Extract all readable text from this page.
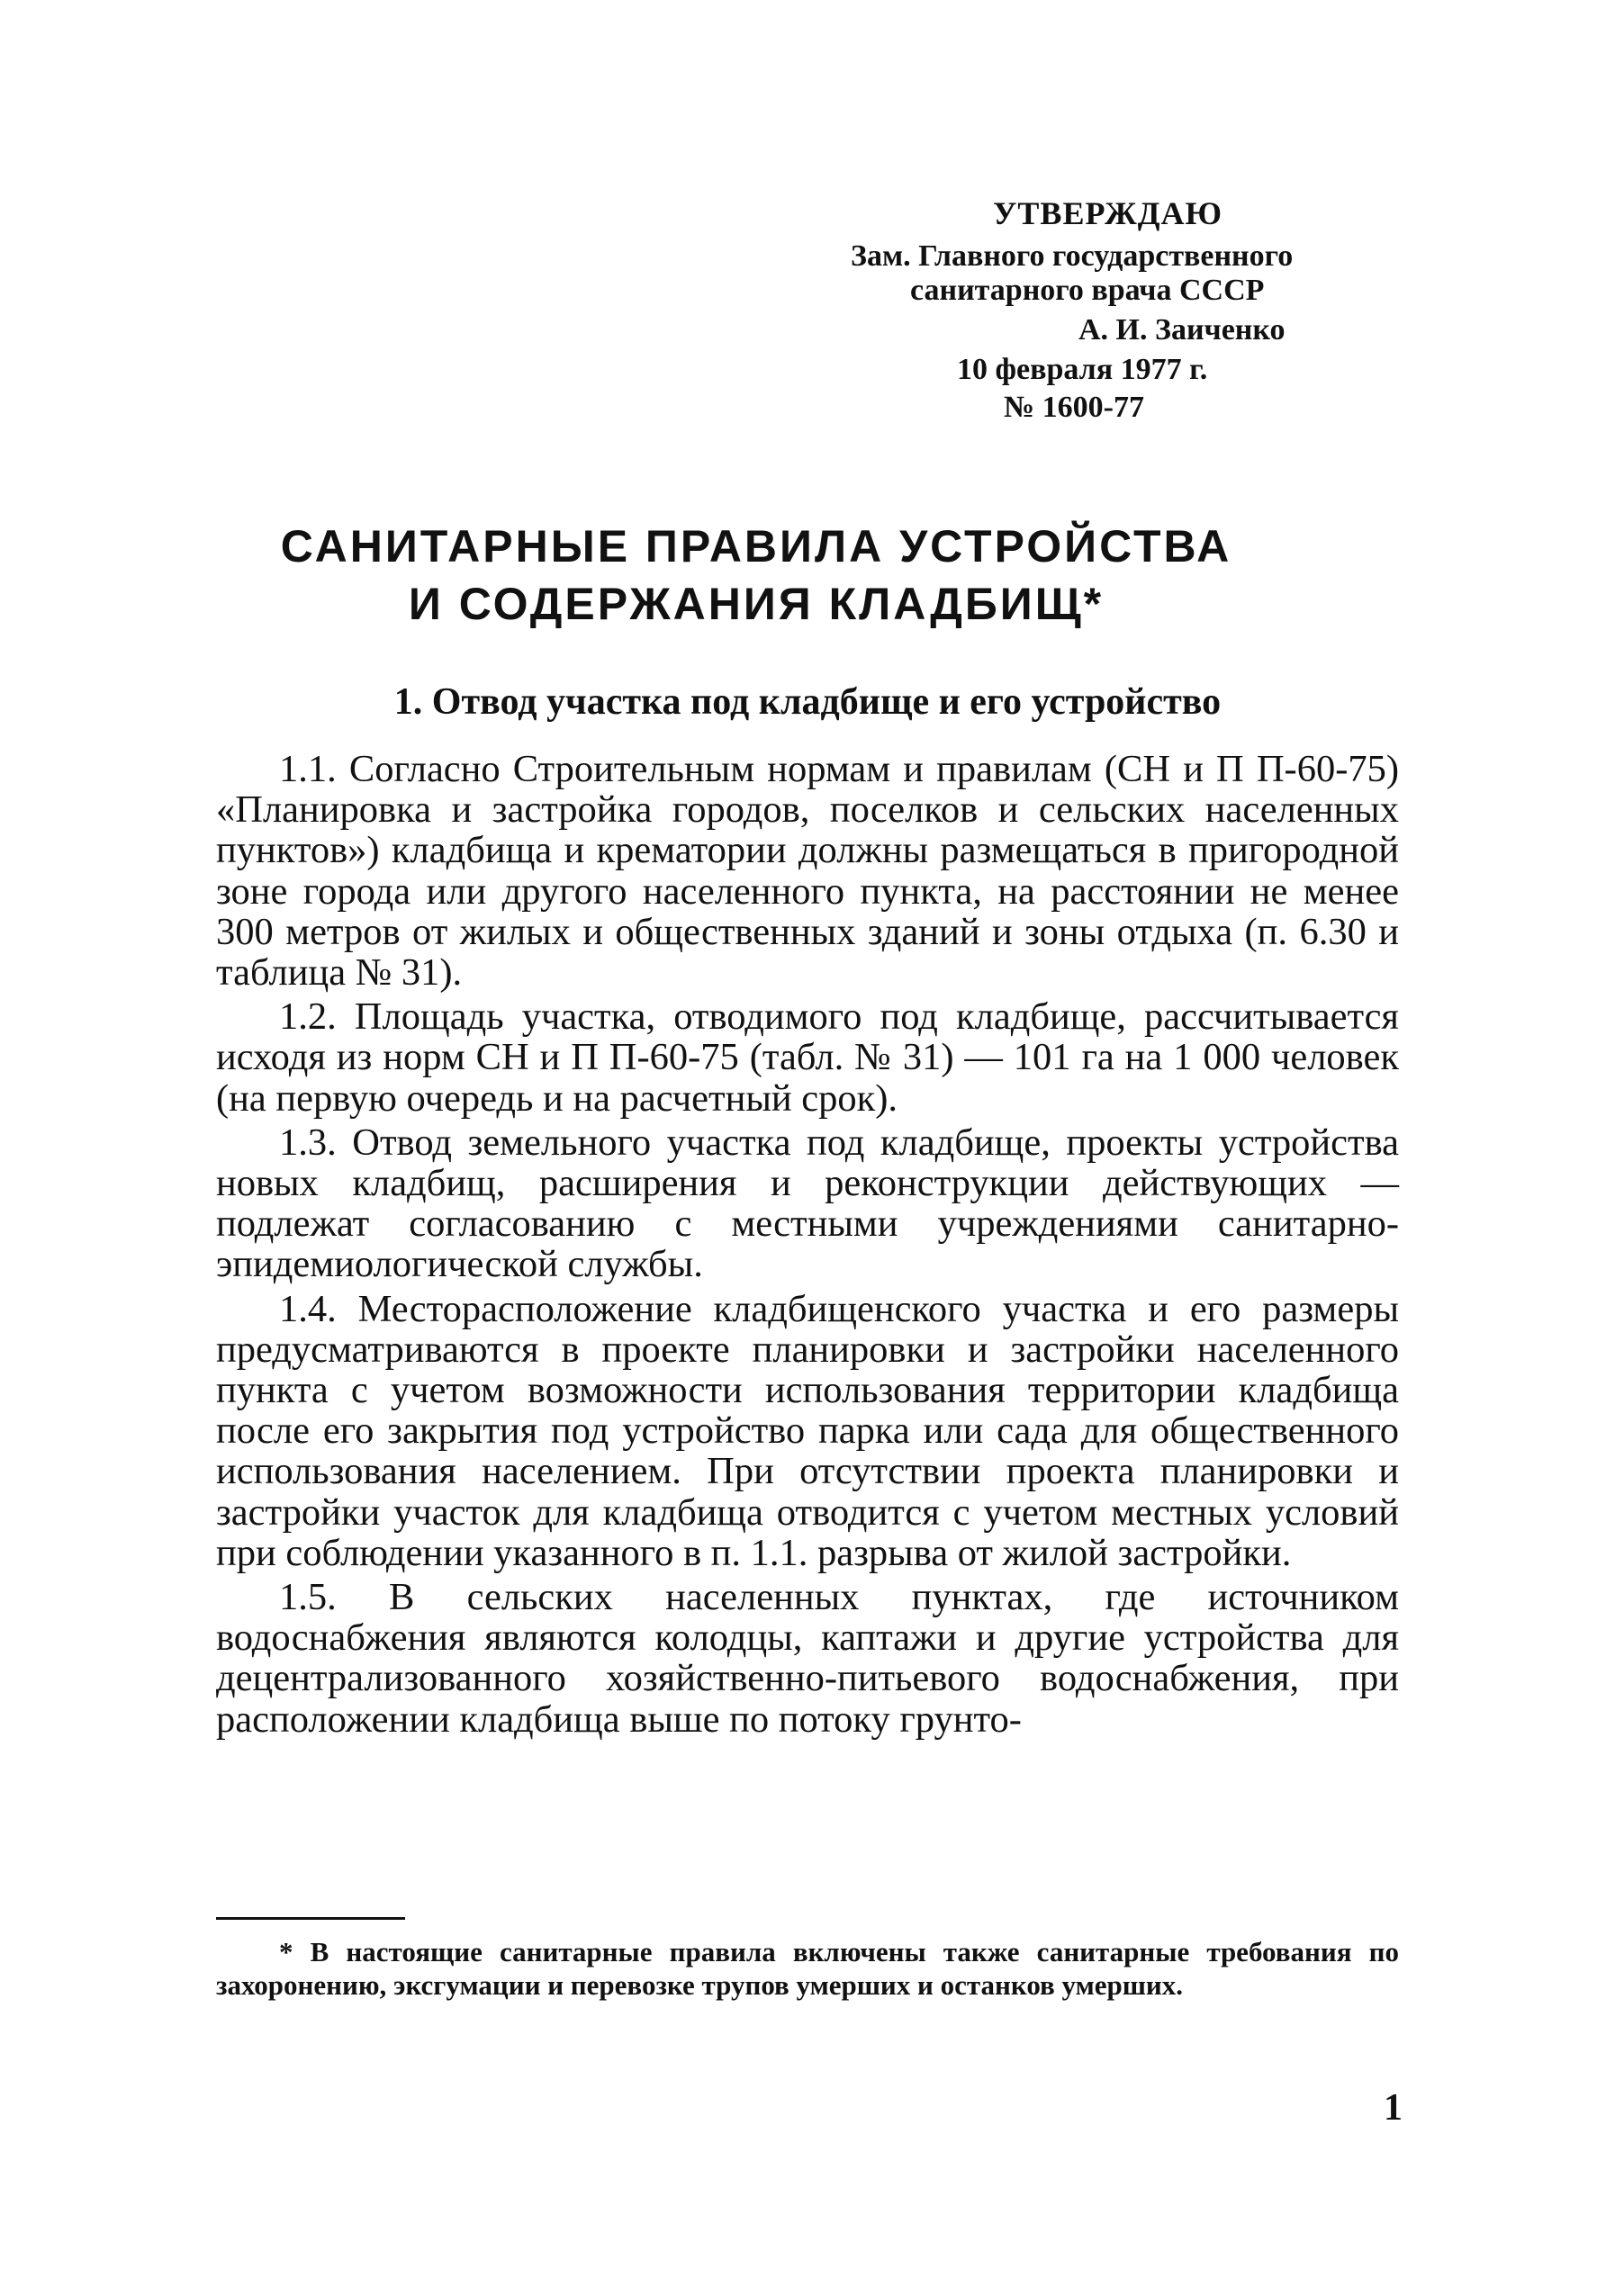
УТВЕРЖДАЮ
Зам. Главного государственного
санитарного врача СССР
А. И. Заиченко
10 февраля 1977 г.
№ 1600-77
САНИТАРНЫЕ ПРАВИЛА УСТРОЙСТВА
И СОДЕРЖАНИЯ КЛАДБИЩ*
1. Отвод участка под кладбище и его устройство

1.1. Согласно Строительным нормам и правилам (СН и П П-60-75) «Планировка и застройка городов, поселков и сельских населенных пунктов») кладбища и крематории должны размещаться в пригородной зоне города или другого населенного пункта, на расстоянии не менее 300 метров от жилых и общественных зданий и зоны отдыха (п. 6.30 и таблица № 31).

1.2. Площадь участка, отводимого под кладбище, рассчитывается исходя из норм СН и П П-60-75 (табл. № 31) — 101 га на 1 000 человек (на первую очередь и на расчетный срок).

1.3. Отвод земельного участка под кладбище, проекты устройства новых кладбищ, расширения и реконструкции действующих — подлежат согласованию с местными учреждениями санитарно-эпидемиологической службы.

1.4. Месторасположение кладбищенского участка и его размеры предусматриваются в проекте планировки и застройки населенного пункта с учетом возможности использования территории кладбища после его закрытия под устройство парка или сада для общественного использования населением. При отсутствии проекта планировки и застройки участок для кладбища отводится с учетом местных условий при соблюдении указанного в п. 1.1. разрыва от жилой застройки.

1.5. В сельских населенных пунктах, где источником водоснабжения являются колодцы, каптажи и другие устройства для децентрализованного хозяйственно-питьевого водоснабжения, при расположении кладбища выше по потоку грунто-

* В настоящие санитарные правила включены также санитарные требования по захоронению, эксгумации и перевозке трупов умерших и останков умерших.

1
